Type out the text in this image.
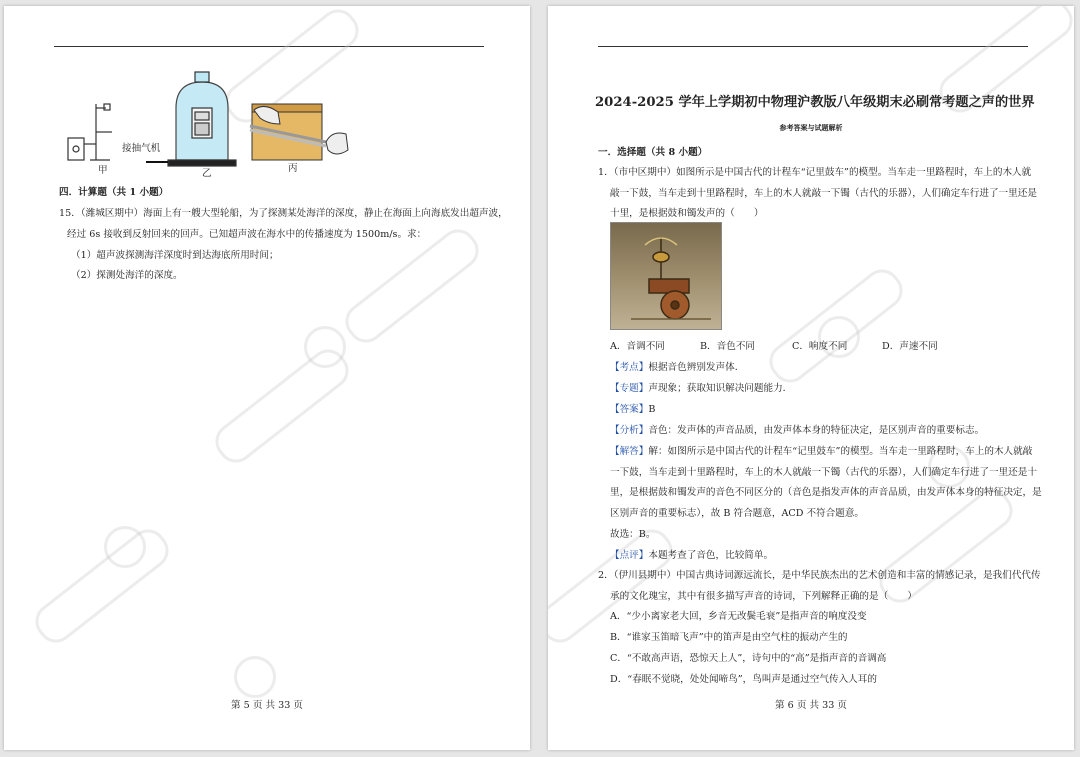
接抽气机
甲	乙	丙
四．计算题（共 1 小题）
15．（潍城区期中）海面上有一艘大型轮船，为了探测某处海洋的深度，静止在海面上向海底发出超声波，
经过 6s 接收到反射回来的回声。已知超声波在海水中的传播速度为 1500m/s。求：
（1）超声波探测海洋深度时到达海底所用时间；
（2）探测处海洋的深度。
第 5 页 共 33 页
2024-2025 学年上学期初中物理沪教版八年级期末必刷常考题之声的世界
参考答案与试题解析
一．选择题（共 8 小题）
1．（市中区期中）如图所示是中国古代的计程车“记里鼓车”的模型。当车走一里路程时，车上的木人就
敲一下鼓，当车走到十里路程时，车上的木人就敲一下镯（古代的乐器），人们确定车行进了一里还是
十里，是根据鼓和镯发声的（　　）
A．音调不同	B．音色不同	C．响度不同	D．声速不同
【考点】根据音色辨别发声体．
【专题】声现象；获取知识解决问题能力．
【答案】B
【分析】音色：发声体的声音品质，由发声体本身的特征决定，是区别声音的重要标志。
【解答】解：如图所示是中国古代的计程车“记里鼓车”的模型。当车走一里路程时，车上的木人就敲
一下鼓，当车走到十里路程时，车上的木人就敲一下镯（古代的乐器），人们确定车行进了一里还是十
里，是根据鼓和镯发声的音色不同区分的（音色是指发声体的声音品质，由发声体本身的特征决定，是
区别声音的重要标志），故 B 符合题意，ACD 不符合题意。
故选：B。
【点评】本题考查了音色，比较简单。
2．（伊川县期中）中国古典诗词源远流长，是中华民族杰出的艺术创造和丰富的情感记录，是我们代代传
承的文化瑰宝，其中有很多描写声音的诗词，下列解释正确的是（　　）
A．“少小离家老大回，乡音无改鬓毛衰”是指声音的响度没变
B．“谁家玉笛暗飞声”中的笛声是由空气柱的振动产生的
C．“不敢高声语，恐惊天上人”，诗句中的“高”是指声音的音调高
D．“春眠不觉晓，处处闻啼鸟”，鸟叫声是通过空气传入人耳的
第 6 页 共 33 页
